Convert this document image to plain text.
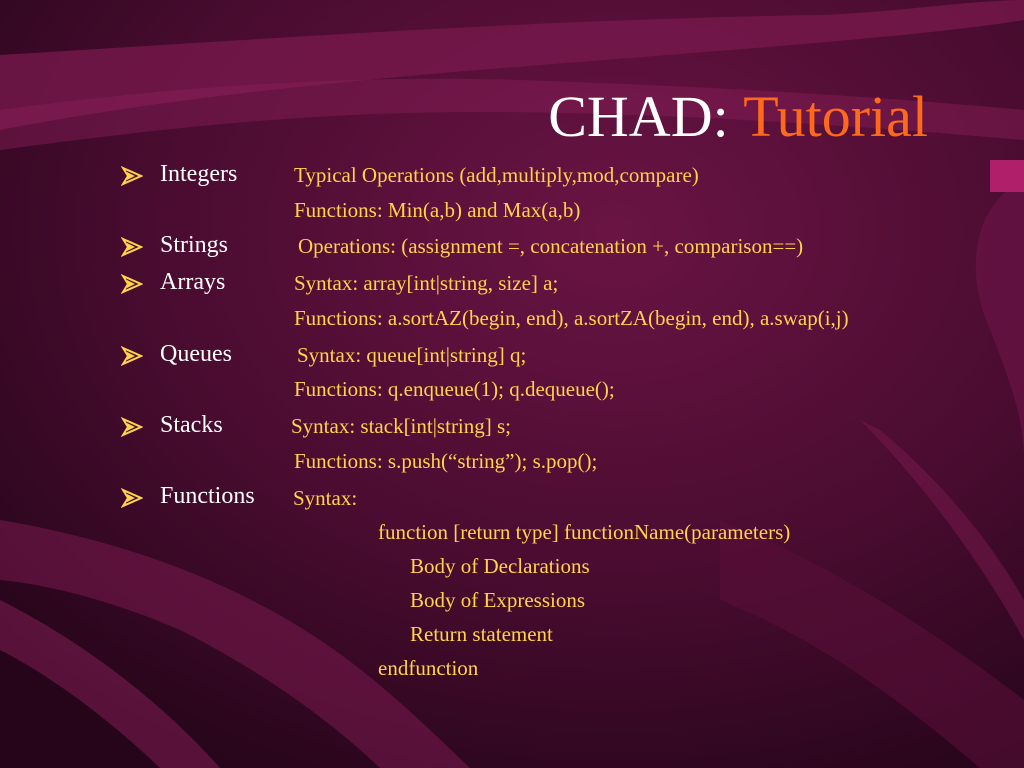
CHAD: Tutorial
Integers	Typical Operations (add,multiply,mod,compare)
Functions: Min(a,b) and Max(a,b)
Strings	Operations: (assignment =, concatenation +, comparison==)
Arrays	Syntax: array[int|string, size] a;
Functions: a.sortAZ(begin, end), a.sortZA(begin, end), a.swap(i,j)
Queues	Syntax: queue[int|string] q;
Functions: q.enqueue(1); q.dequeue();
Stacks	Syntax: stack[int|string] s;
Functions: s.push(“string”); s.pop();
Functions Syntax:
function [return type] functionName(parameters)
Body of Declarations
Body of Expressions
Return statement
endfunction
